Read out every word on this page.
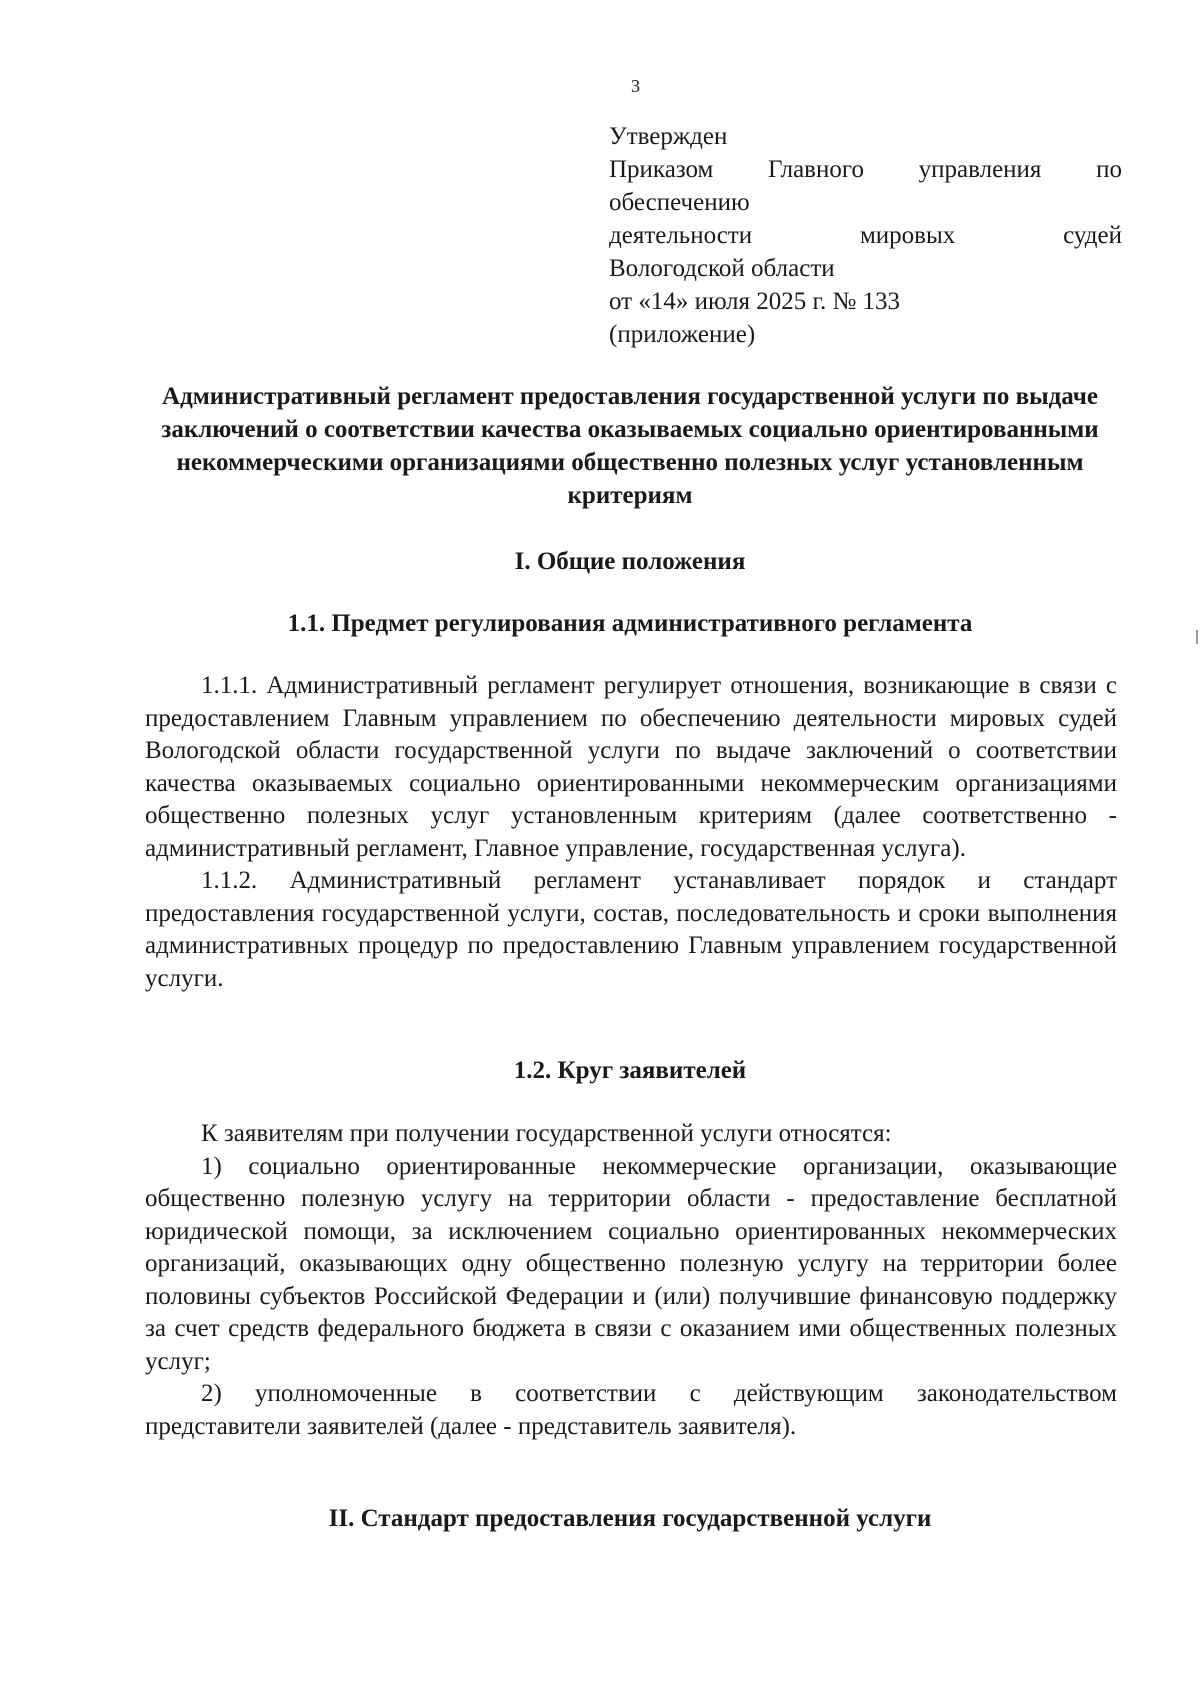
3
Утвержден
Приказом Главного управления по
обеспечению
деятельности	мировых	судей
Вологодской области
от «14» июля 2025 г. № 133
(приложение)
Административный регламент предоставления государственной услуги по выдаче заключений о соответствии качества оказываемых социально ориентированными некоммерческими организациями общественно полезных услуг установленным критериям
I. Общие положения
1.1. Предмет регулирования административного регламента

1.1.1. Административный регламент регулирует отношения, возникающие в связи с предоставлением Главным управлением по обеспечению деятельности мировых судей Вологодской области государственной услуги по выдаче заключений о соответствии качества оказываемых социально ориентированными некоммерческим организациями общественно полезных услуг установленным критериям (далее соответственно - административный регламент, Главное управление, государственная услуга).

1.1.2. Административный регламент устанавливает порядок и стандарт предоставления государственной услуги, состав, последовательность и сроки выполнения административных процедур по предоставлению Главным управлением государственной услуги.

1.2. Круг заявителей

К заявителям при получении государственной услуги относятся:

1) социально ориентированные некоммерческие организации, оказывающие общественно полезную услугу на территории области - предоставление бесплатной юридической помощи, за исключением социально ориентированных некоммерческих организаций, оказывающих одну общественно полезную услугу на территории более половины субъектов Российской Федерации и (или) получившие финансовую поддержку за счет средств федерального бюджета в связи с оказанием ими общественных полезных услуг;

2) уполномоченные в соответствии с действующим законодательством представители заявителей (далее - представитель заявителя).

II. Стандарт предоставления государственной услуги
